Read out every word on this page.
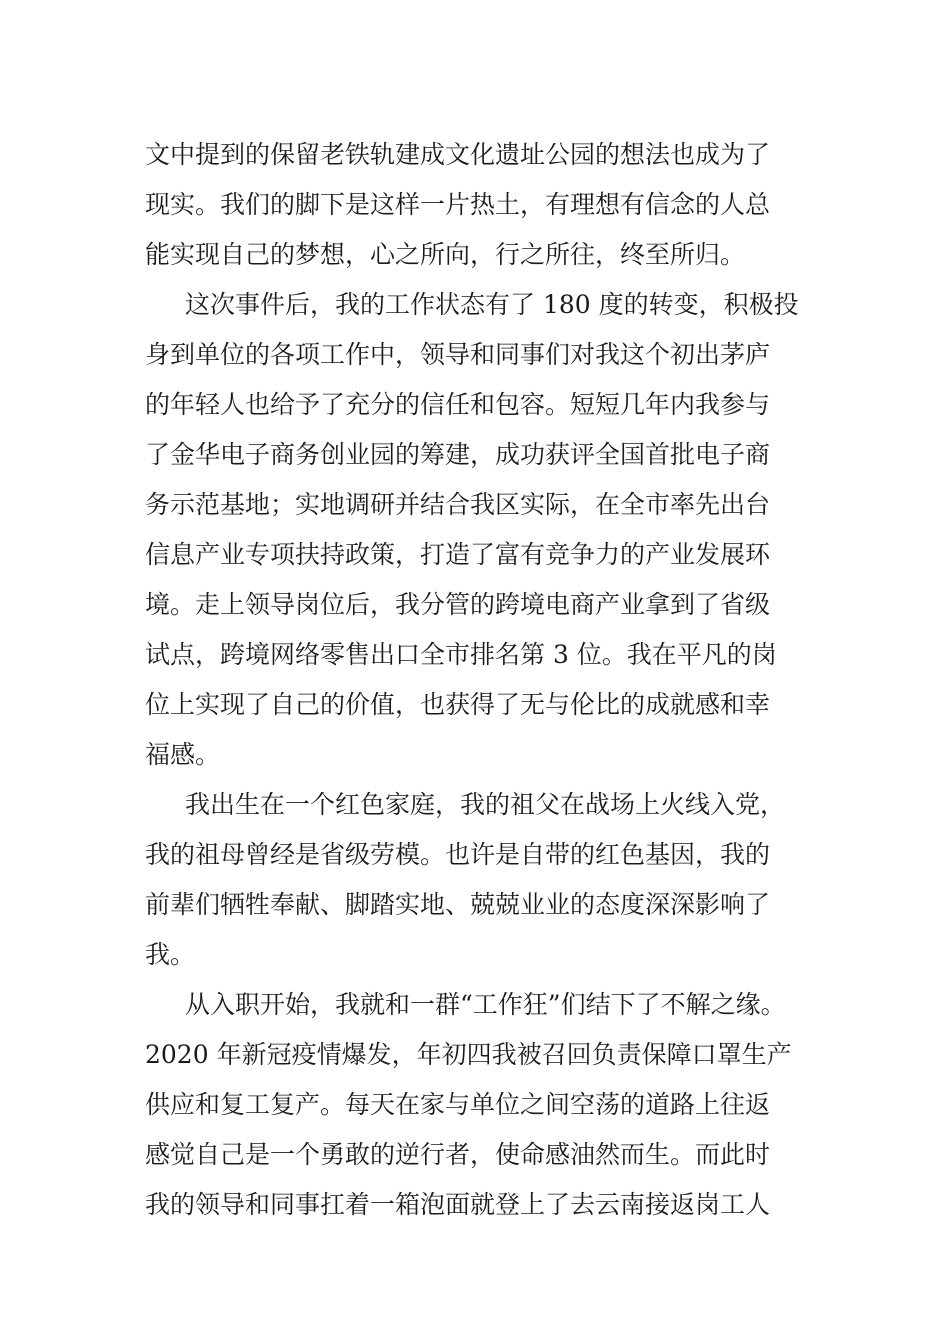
文中提到的保留老铁轨建成文化遗址公园的想法也成为了
现实。我们的脚下是这样一片热土，有理想有信念的人总
能实现自己的梦想，心之所向，行之所往，终至所归。
这次事件后，我的工作状态有了 180 度的转变，积极投
身到单位的各项工作中，领导和同事们对我这个初出茅庐
的年轻人也给予了充分的信任和包容。短短几年内我参与
了金华电子商务创业园的筹建，成功获评全国首批电子商
务示范基地；实地调研并结合我区实际，在全市率先出台
信息产业专项扶持政策，打造了富有竞争力的产业发展环
境。走上领导岗位后，我分管的跨境电商产业拿到了省级
试点，跨境网络零售出口全市排名第 3 位。我在平凡的岗
位上实现了自己的价值，也获得了无与伦比的成就感和幸
福感。
我出生在一个红色家庭，我的祖父在战场上火线入党，
我的祖母曾经是省级劳模。也许是自带的红色基因，我的
前辈们牺牲奉献、脚踏实地、兢兢业业的态度深深影响了
我。
从入职开始，我就和一群“工作狂”们结下了不解之缘。
2020 年新冠疫情爆发，年初四我被召回负责保障口罩生产
供应和复工复产。每天在家与单位之间空荡的道路上往返
感觉自己是一个勇敢的逆行者，使命感油然而生。而此时
我的领导和同事扛着一箱泡面就登上了去云南接返岗工人
